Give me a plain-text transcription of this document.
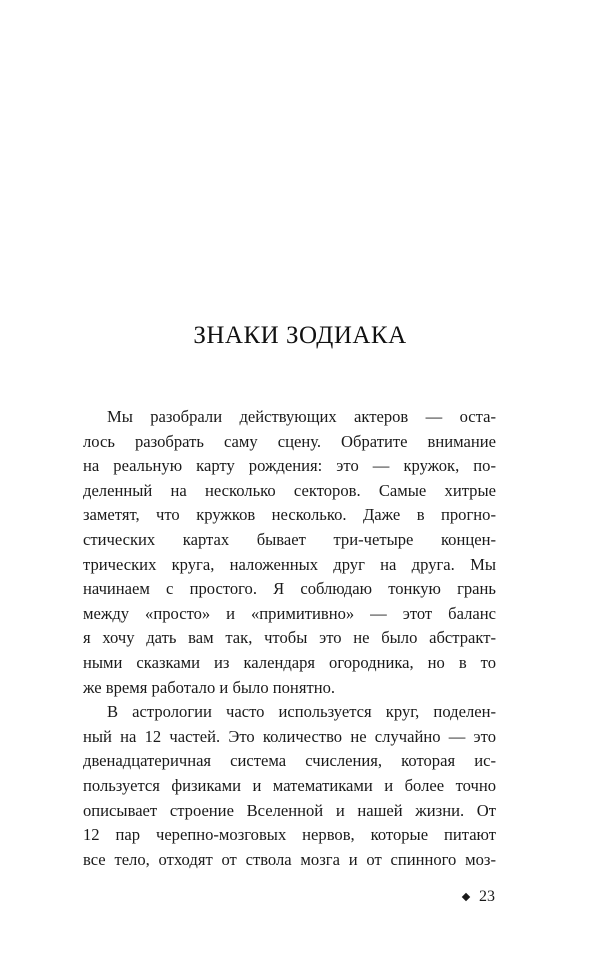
ЗНАКИ ЗОДИАКА
Мы разобрали действующих актеров — оста-
лось разобрать саму сцену. Обратите внимание
на реальную карту рождения: это — кружок, по-
деленный на несколько секторов. Самые хитрые
заметят, что кружков несколько. Даже в прогно-
стических картах бывает три-четыре концен-
трических круга, наложенных друг на друга. Мы
начинаем с простого. Я соблюдаю тонкую грань
между «просто» и «примитивно» — этот баланс
я хочу дать вам так, чтобы это не было абстракт-
ными сказками из календаря огородника, но в то
же время работало и было понятно.
В астрологии часто используется круг, поделен-
ный на 12 частей. Это количество не случайно — это
двенадцатеричная система счисления, которая ис-
пользуется физиками и математиками и более точно
описывает строение Вселенной и нашей жизни. От
12 пар черепно-мозговых нервов, которые питают
все тело, отходят от ствола мозга и от спинного моз-
23
